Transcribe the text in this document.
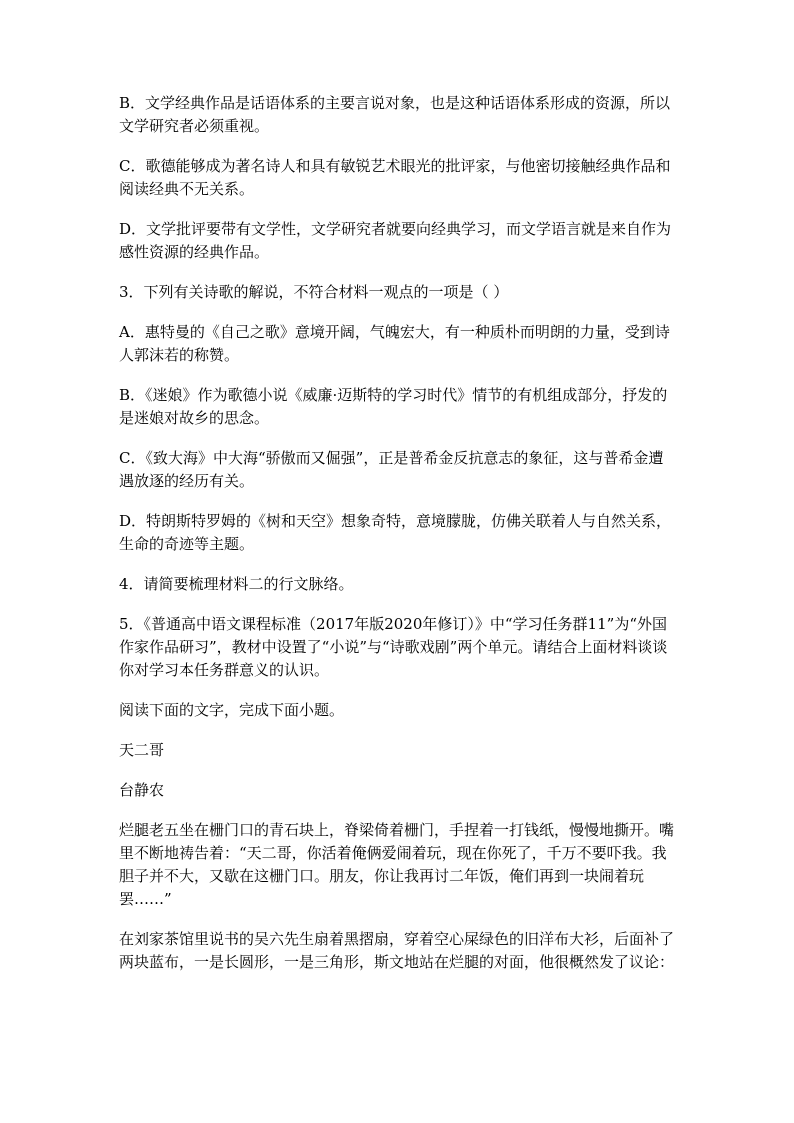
B．文学经典作品是话语体系的主要言说对象，也是这种话语体系形成的资源，所以文学研究者必须重视。

C．歌德能够成为著名诗人和具有敏锐艺术眼光的批评家，与他密切接触经典作品和阅读经典不无关系。

D．文学批评要带有文学性，文学研究者就要向经典学习，而文学语言就是来自作为感性资源的经典作品。

3．下列有关诗歌的解说，不符合材料一观点的一项是（ ）

A．惠特曼的《自己之歌》意境开阔，气魄宏大，有一种质朴而明朗的力量，受到诗人郭沫若的称赞。

B．《迷娘》作为歌德小说《威廉·迈斯特的学习时代》情节的有机组成部分，抒发的是迷娘对故乡的思念。

C．《致大海》中大海“骄傲而又倔强”，正是普希金反抗意志的象征，这与普希金遭遇放逐的经历有关。

D．特朗斯特罗姆的《树和天空》想象奇特，意境朦胧，仿佛关联着人与自然关系，生命的奇迹等主题。

4．请简要梳理材料二的行文脉络。

5．《普通高中语文课程标准（2017年版2020年修订）》中“学习任务群11”为“外国作家作品研习”，教材中设置了“小说”与“诗歌戏剧”两个单元。请结合上面材料谈谈你对学习本任务群意义的认识。

阅读下面的文字，完成下面小题。

天二哥

台静农

烂腿老五坐在栅门口的青石块上，脊梁倚着栅门，手捏着一打钱纸，慢慢地撕开。嘴里不断地祷告着：“天二哥，你活着俺俩爱闹着玩，现在你死了，千万不要吓我。我胆子并不大，又歇在这栅门口。朋友，你让我再讨二年饭，俺们再到一块闹着玩罢……”

在刘家茶馆里说书的吴六先生扇着黑摺扇，穿着空心屎绿色的旧洋布大衫，后面补了两块蓝布，一是长圆形，一是三角形，斯文地站在烂腿的对面，他很概然发了议论：
